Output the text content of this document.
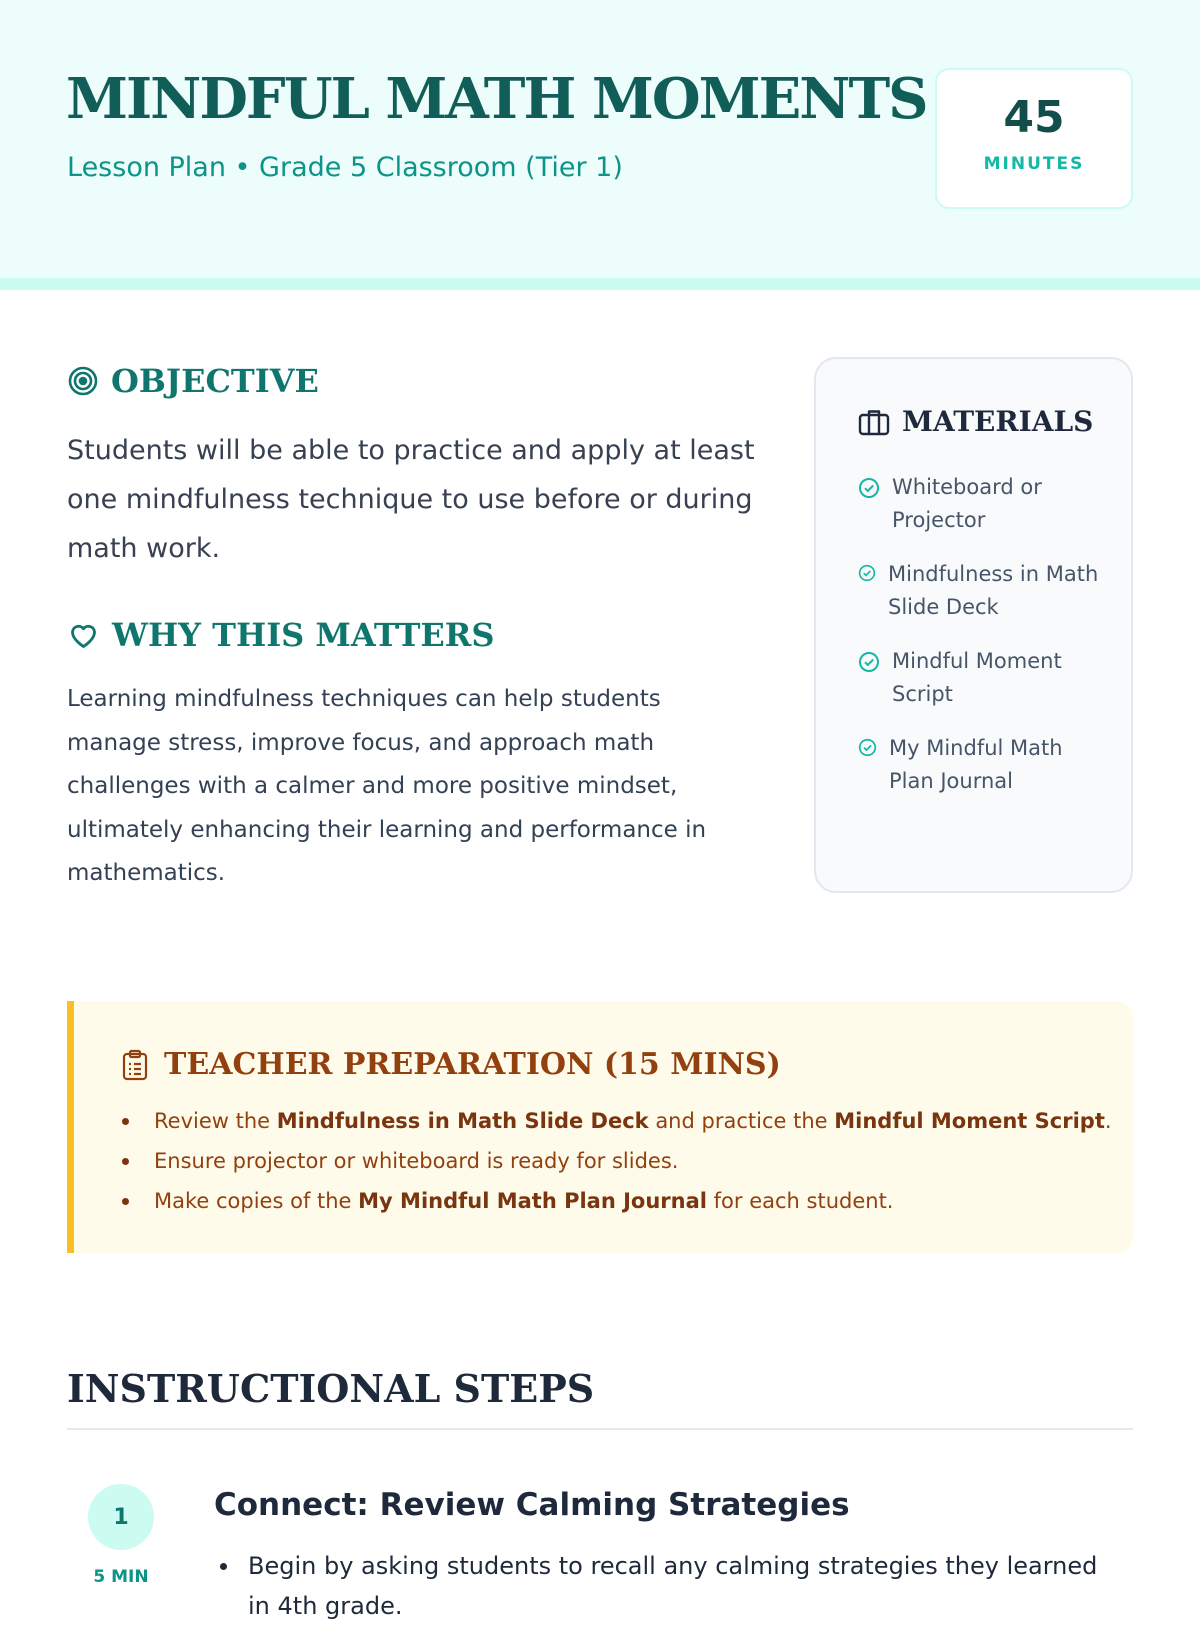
MINDFUL MATH MOMENTS
Lesson Plan • Grade 5 Classroom (Tier 1)
45
MINUTES
OBJECTIVE

Students will be able to practice and apply at least one mindfulness technique to use before or during math work.

WHY THIS MATTERS

Learning mindfulness techniques can help students manage stress, improve focus, and approach math challenges with a calmer and more positive mindset, ultimately enhancing their learning and performance in mathematics.

MATERIALS
Whiteboard or Projector
Mindfulness in Math Slide Deck
Mindful Moment Script
My Mindful Math Plan Journal
TEACHER PREPARATION (15 MINS)
Review the Mindfulness in Math Slide Deck and practice the Mindful Moment Script.
Ensure projector or whiteboard is ready for slides.
Make copies of the My Mindful Math Plan Journal for each student.
INSTRUCTIONAL STEPS
1
5 MIN
Connect: Review Calming Strategies
Begin by asking students to recall any calming strategies they learned in 4th grade.
